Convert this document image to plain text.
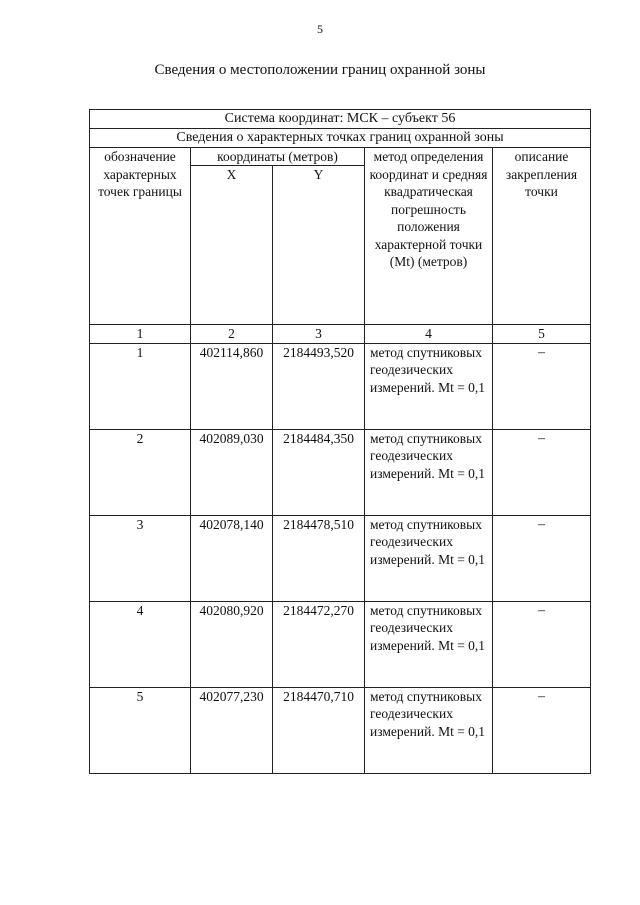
5
Сведения о местоположении границ охранной зоны
Система координат: МСК – субъект 56				
Сведения о характерных точках границ охранной зоны				
обозначение характерных точек границы	координаты (метров)		метод определения координат и средняя квадратическая погрешность положения характерной точки (Mt) (метров)	описание закрепления точки
	X	Y		
1	2	3	4	5
1	402114,860	2184493,520	метод спутниковых геодезических измерений. Mt = 0,1	–
2	402089,030	2184484,350	метод спутниковых геодезических измерений. Mt = 0,1	–
3	402078,140	2184478,510	метод спутниковых геодезических измерений. Mt = 0,1	–
4	402080,920	2184472,270	метод спутниковых геодезических измерений. Mt = 0,1	–
5	402077,230	2184470,710	метод спутниковых геодезических измерений. Mt = 0,1	–
